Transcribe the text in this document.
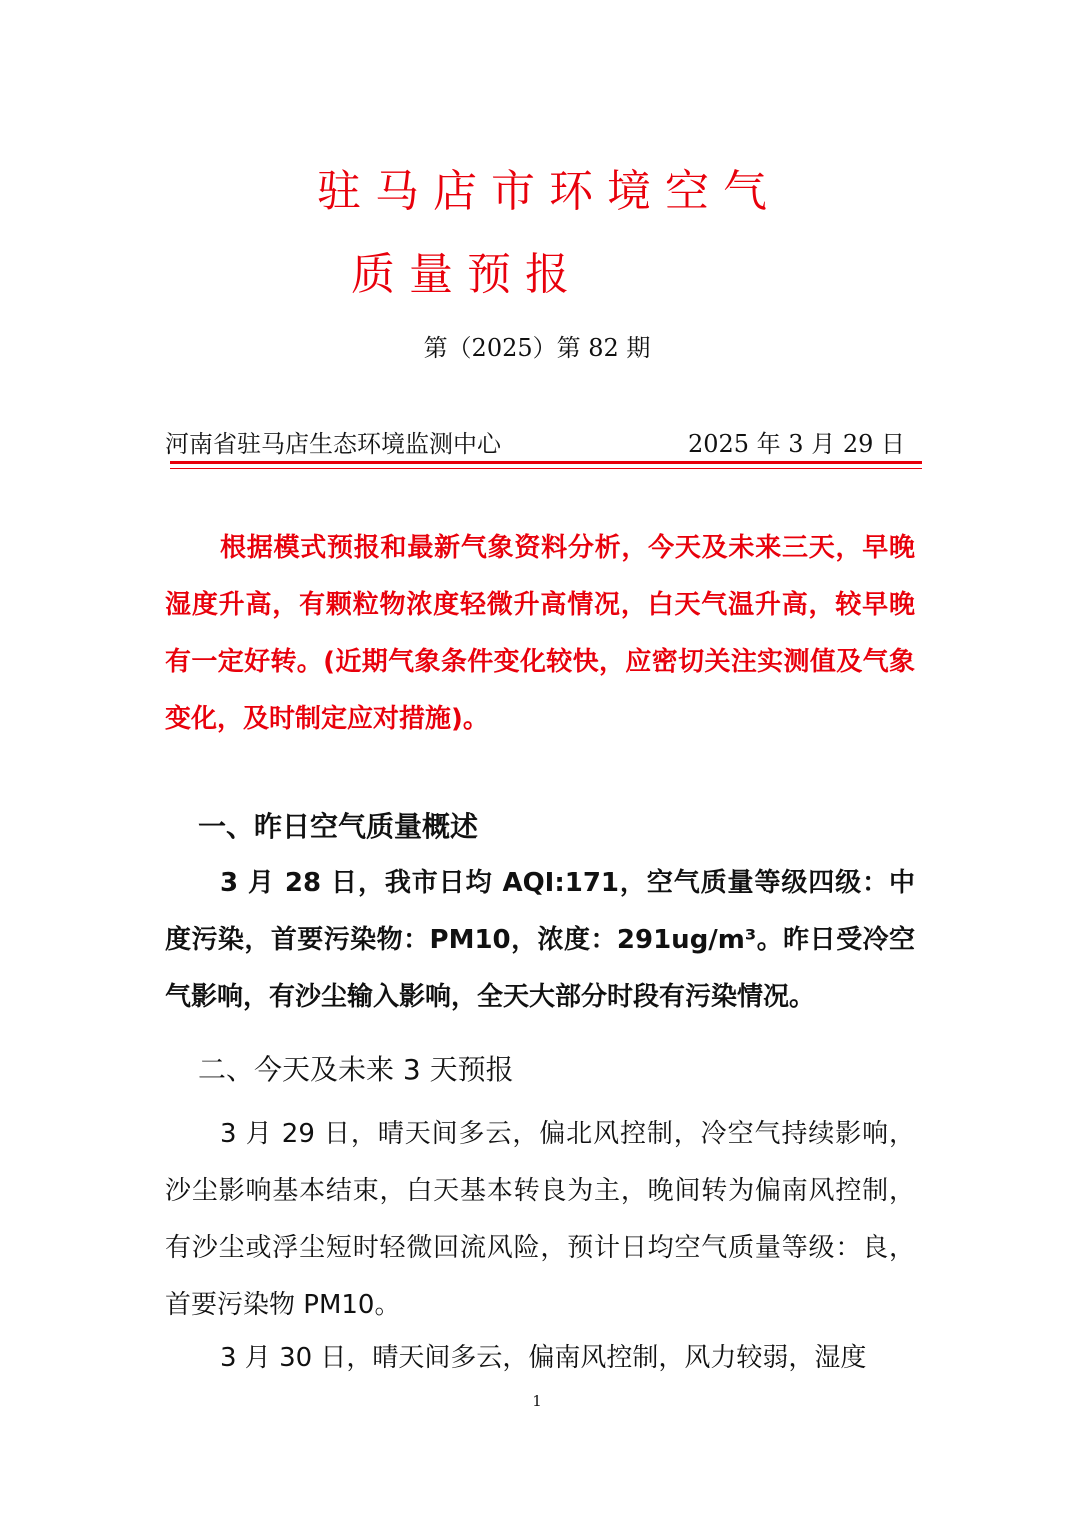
驻马店市环境空气
质量预报
第（2025）第 82 期
河南省驻马店生态环境监测中心	2025 年 3 月 29 日

根据模式预报和最新气象资料分析，今天及未来三天，早晚湿度升高，有颗粒物浓度轻微升高情况，白天气温升高，较早晚有一定好转。(近期气象条件变化较快，应密切关注实测值及气象变化，及时制定应对措施)。

一、昨日空气质量概述

3 月 28 日，我市日均 AQI:171，空气质量等级四级：中度污染，首要污染物：PM10，浓度：291ug/m³。昨日受冷空气影响，有沙尘输入影响，全天大部分时段有污染情况。

二、今天及未来 3 天预报

3 月 29 日，晴天间多云，偏北风控制，冷空气持续影响，沙尘影响基本结束，白天基本转良为主，晚间转为偏南风控制，有沙尘或浮尘短时轻微回流风险，预计日均空气质量等级：良，首要污染物 PM10。

3 月 30 日，晴天间多云，偏南风控制，风力较弱，湿度

1
